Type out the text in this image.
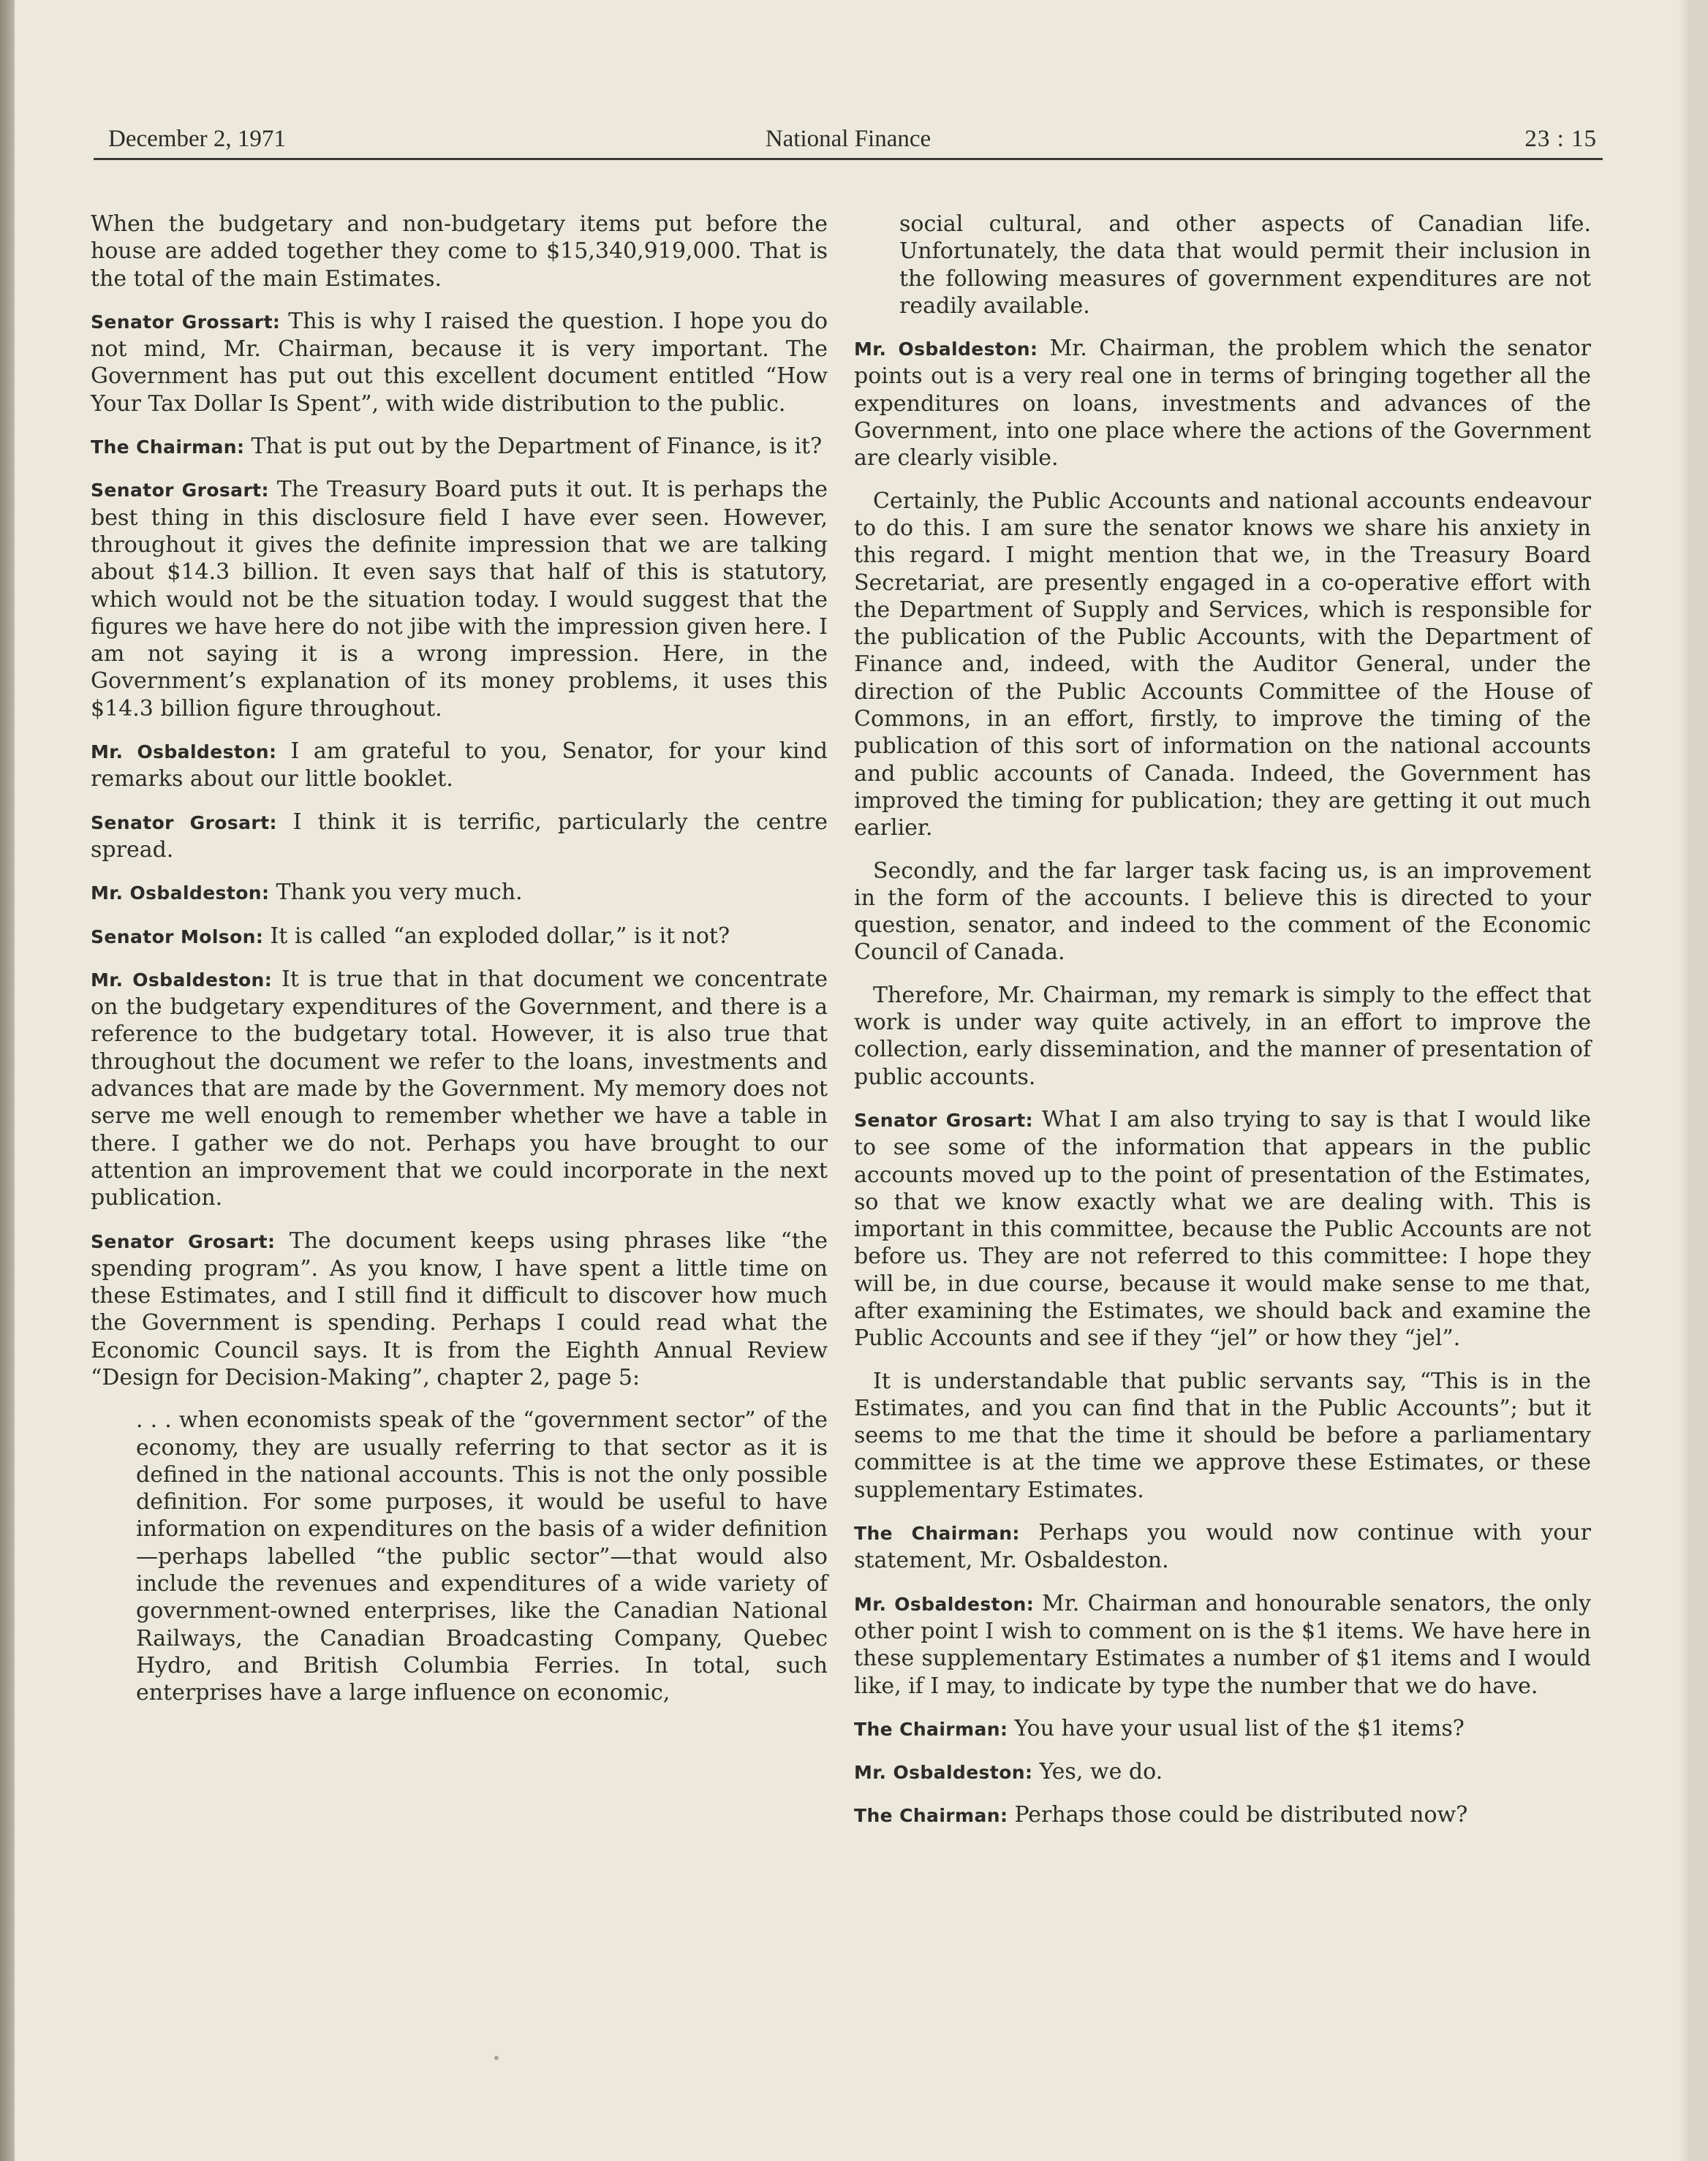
December 2, 1971	National Finance	23 : 15

When the budgetary and non-budgetary items put before the house are added together they come to $15,340,919,000. That is the total of the main Estimates.

Senator Grossart: This is why I raised the question. I hope you do not mind, Mr. Chairman, because it is very important. The Government has put out this excellent document entitled “How Your Tax Dollar Is Spent”, with wide distribution to the public.

The Chairman: That is put out by the Department of Finance, is it?

Senator Grosart: The Treasury Board puts it out. It is perhaps the best thing in this disclosure field I have ever seen. However, throughout it gives the definite impression that we are talking about $14.3 billion. It even says that half of this is statutory, which would not be the situation today. I would suggest that the figures we have here do not jibe with the impression given here. I am not saying it is a wrong impression. Here, in the Government’s explanation of its money problems, it uses this $14.3 billion figure throughout.

Mr. Osbaldeston: I am grateful to you, Senator, for your kind remarks about our little booklet.

Senator Grosart: I think it is terrific, particularly the centre spread.

Mr. Osbaldeston: Thank you very much.

Senator Molson: It is called “an exploded dollar,” is it not?

Mr. Osbaldeston: It is true that in that document we concentrate on the budgetary expenditures of the Government, and there is a reference to the budgetary total. However, it is also true that throughout the document we refer to the loans, investments and advances that are made by the Government. My memory does not serve me well enough to remember whether we have a table in there. I gather we do not. Perhaps you have brought to our attention an improvement that we could incorporate in the next publication.

Senator Grosart: The document keeps using phrases like “the spending program”. As you know, I have spent a little time on these Estimates, and I still find it difficult to discover how much the Government is spending. Perhaps I could read what the Economic Council says. It is from the Eighth Annual Review “Design for Decision-Making”, chapter 2, page 5:

. . . when economists speak of the “government sector” of the economy, they are usually referring to that sector as it is defined in the national accounts. This is not the only possible definition. For some purposes, it would be useful to have information on expenditures on the basis of a wider definition—perhaps labelled “the public sector”—that would also include the revenues and expenditures of a wide variety of government-owned enterprises, like the Canadian National Railways, the Canadian Broadcasting Company, Quebec Hydro, and British Columbia Ferries. In total, such enterprises have a large influence on economic,

social cultural, and other aspects of Canadian life. Unfortunately, the data that would permit their inclusion in the following measures of government expenditures are not readily available.

Mr. Osbaldeston: Mr. Chairman, the problem which the senator points out is a very real one in terms of bringing together all the expenditures on loans, investments and advances of the Government, into one place where the actions of the Government are clearly visible.

Certainly, the Public Accounts and national accounts endeavour to do this. I am sure the senator knows we share his anxiety in this regard. I might mention that we, in the Treasury Board Secretariat, are presently engaged in a co-operative effort with the Department of Supply and Services, which is responsible for the publication of the Public Accounts, with the Department of Finance and, indeed, with the Auditor General, under the direction of the Public Accounts Committee of the House of Commons, in an effort, firstly, to improve the timing of the publication of this sort of information on the national accounts and public accounts of Canada. Indeed, the Government has improved the timing for publication; they are getting it out much earlier.

Secondly, and the far larger task facing us, is an improvement in the form of the accounts. I believe this is directed to your question, senator, and indeed to the comment of the Economic Council of Canada.

Therefore, Mr. Chairman, my remark is simply to the effect that work is under way quite actively, in an effort to improve the collection, early dissemination, and the manner of presentation of public accounts.

Senator Grosart: What I am also trying to say is that I would like to see some of the information that appears in the public accounts moved up to the point of presentation of the Estimates, so that we know exactly what we are dealing with. This is important in this committee, because the Public Accounts are not before us. They are not referred to this committee: I hope they will be, in due course, because it would make sense to me that, after examining the Estimates, we should back and examine the Public Accounts and see if they “jel” or how they “jel”.

It is understandable that public servants say, “This is in the Estimates, and you can find that in the Public Accounts”; but it seems to me that the time it should be before a parliamentary committee is at the time we approve these Estimates, or these supplementary Estimates.

The Chairman: Perhaps you would now continue with your statement, Mr. Osbaldeston.

Mr. Osbaldeston: Mr. Chairman and honourable senators, the only other point I wish to comment on is the $1 items. We have here in these supplementary Estimates a number of $1 items and I would like, if I may, to indicate by type the number that we do have.

The Chairman: You have your usual list of the $1 items?

Mr. Osbaldeston: Yes, we do.

The Chairman: Perhaps those could be distributed now?
